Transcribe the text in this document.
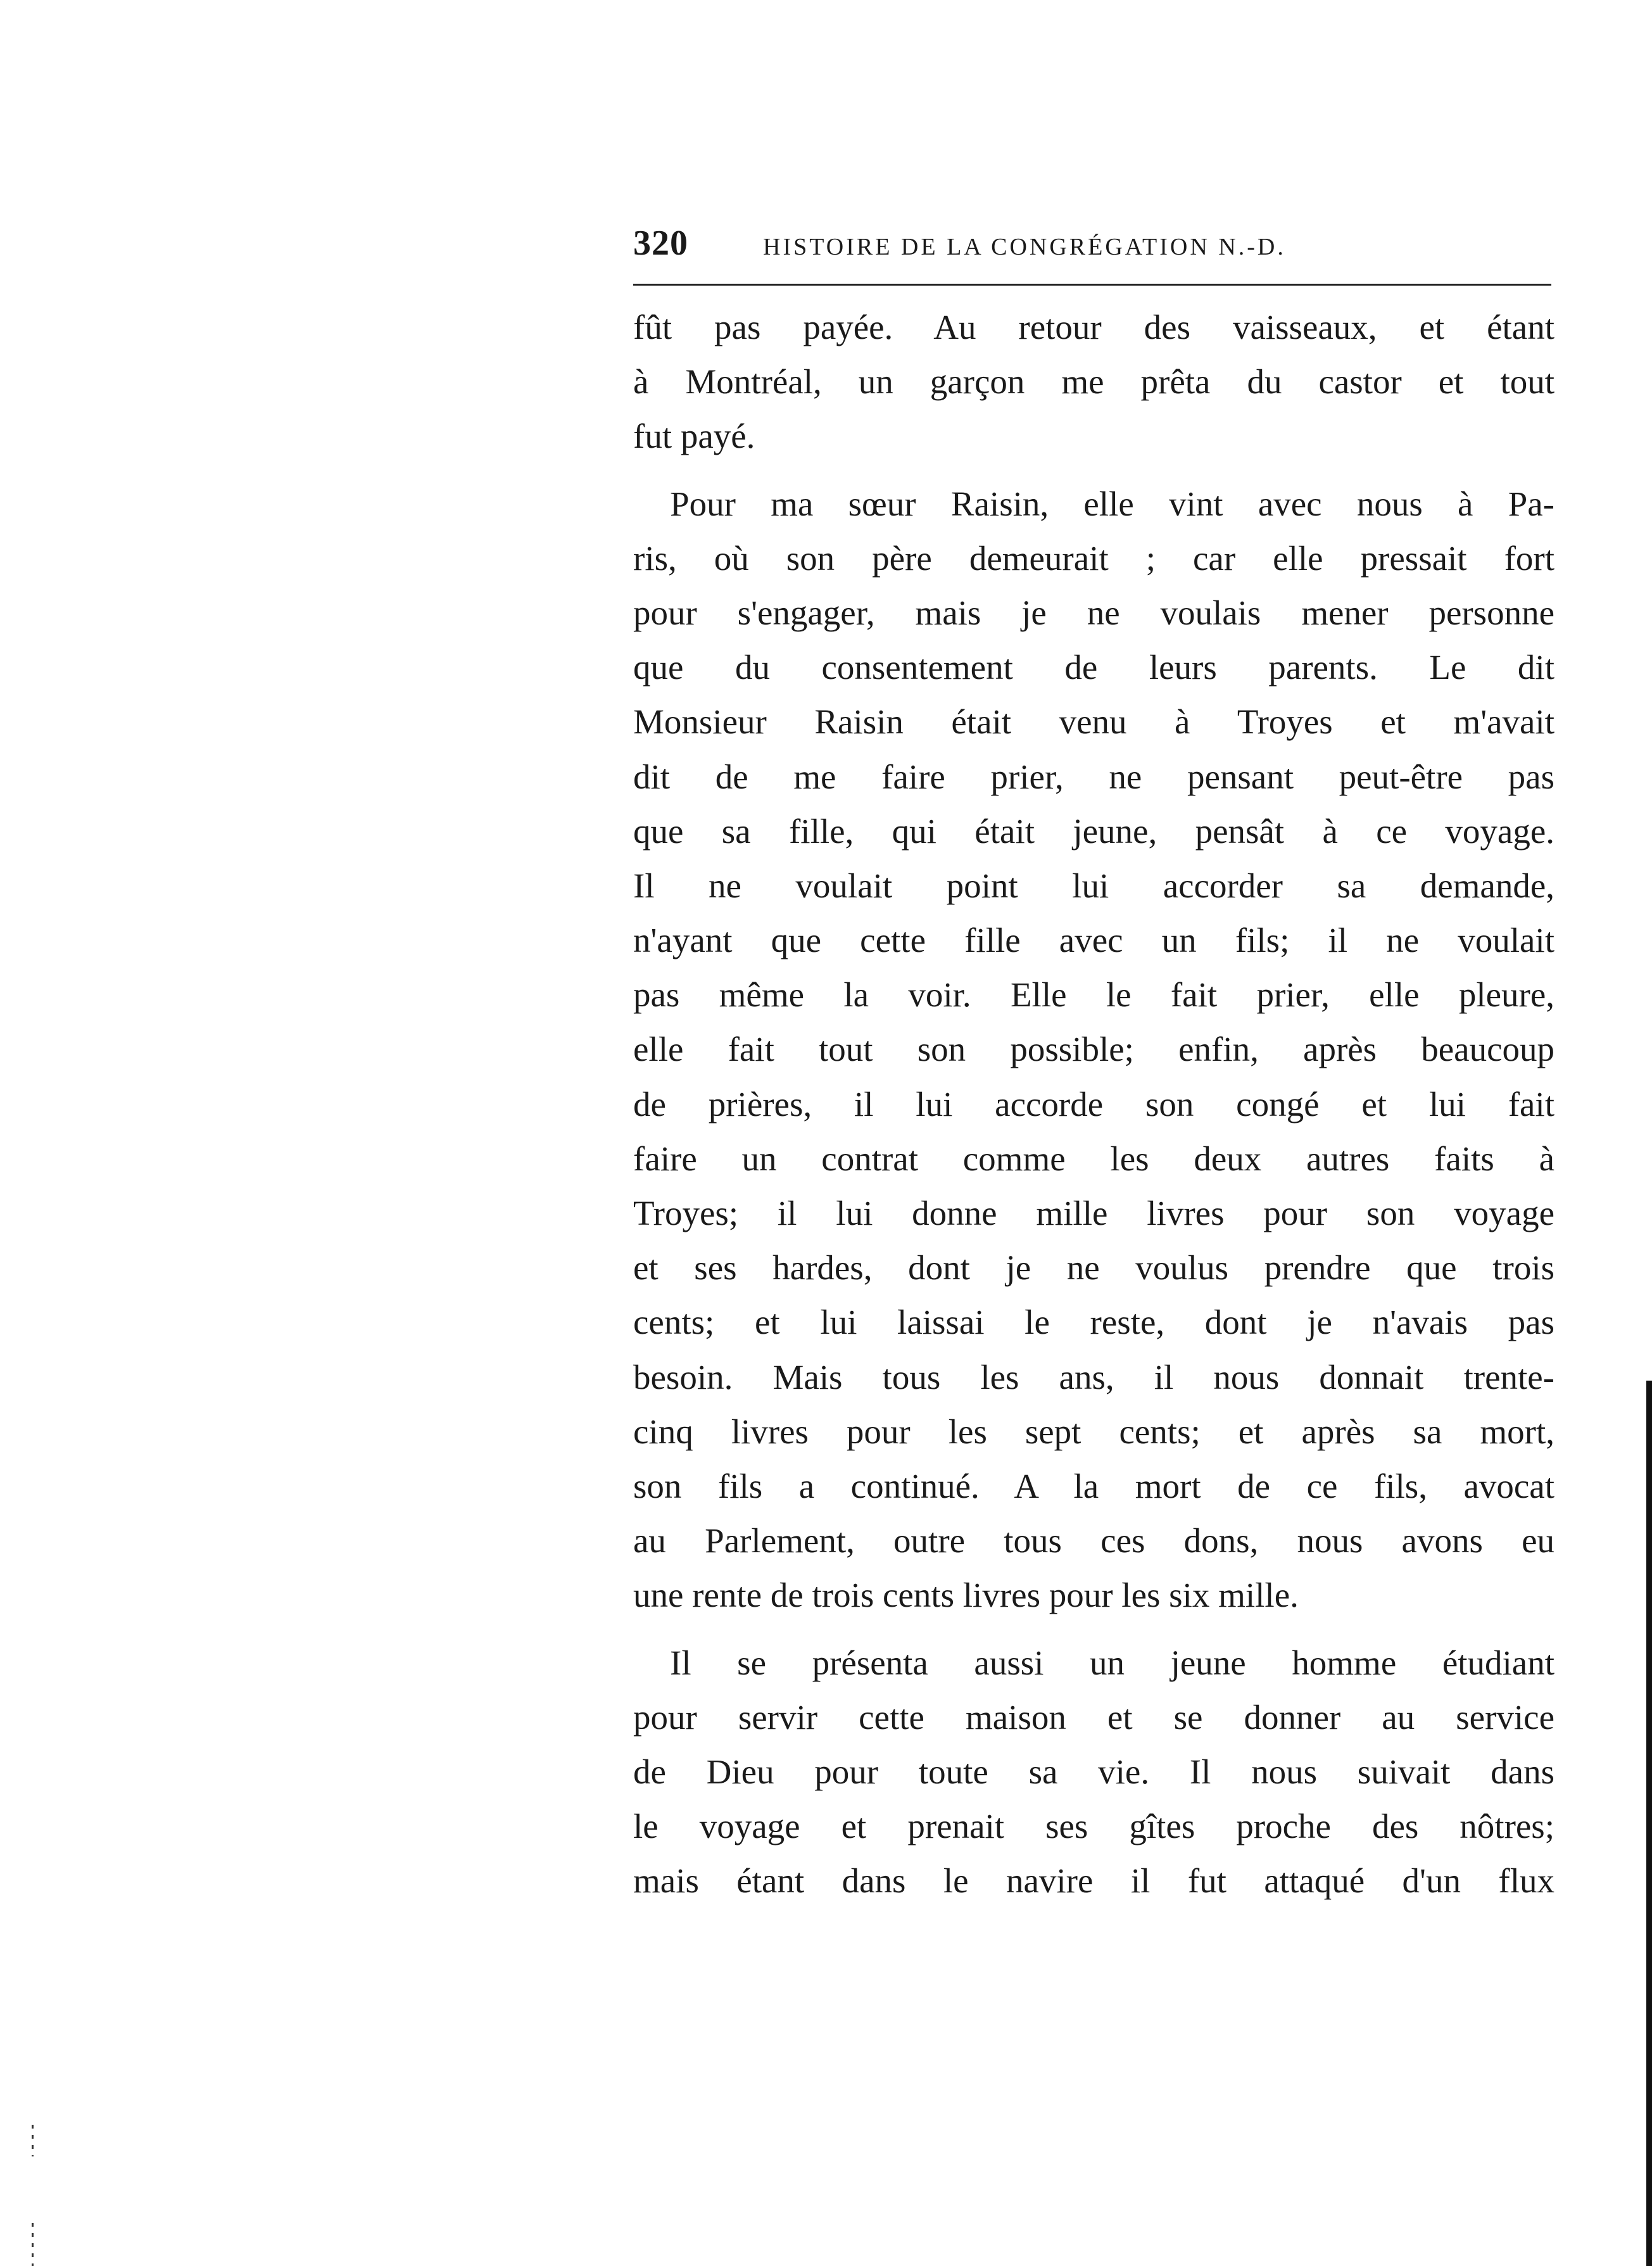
320	HISTOIRE DE LA CONGRÉGATION N.-D.
fût pas payée. Au retour des vaisseaux, et étant
à Montréal, un garçon me prêta du castor et tout
fut payé.
Pour ma sœur Raisin, elle vint avec nous à Pa-
ris, où son père demeurait ; car elle pressait fort
pour s'engager, mais je ne voulais mener personne
que du consentement de leurs parents. Le dit
Monsieur Raisin était venu à Troyes et m'avait
dit de me faire prier, ne pensant peut-être pas
que sa fille, qui était jeune, pensât à ce voyage.
Il ne voulait point lui accorder sa demande,
n'ayant que cette fille avec un fils; il ne voulait
pas même la voir. Elle le fait prier, elle pleure,
elle fait tout son possible; enfin, après beaucoup
de prières, il lui accorde son congé et lui fait
faire un contrat comme les deux autres faits à
Troyes; il lui donne mille livres pour son voyage
et ses hardes, dont je ne voulus prendre que trois
cents; et lui laissai le reste, dont je n'avais pas
besoin. Mais tous les ans, il nous donnait trente-
cinq livres pour les sept cents; et après sa mort,
son fils a continué. A la mort de ce fils, avocat
au Parlement, outre tous ces dons, nous avons eu
une rente de trois cents livres pour les six mille.
Il se présenta aussi un jeune homme étudiant
pour servir cette maison et se donner au service
de Dieu pour toute sa vie. Il nous suivait dans
le voyage et prenait ses gîtes proche des nôtres;
mais étant dans le navire il fut attaqué d'un flux
